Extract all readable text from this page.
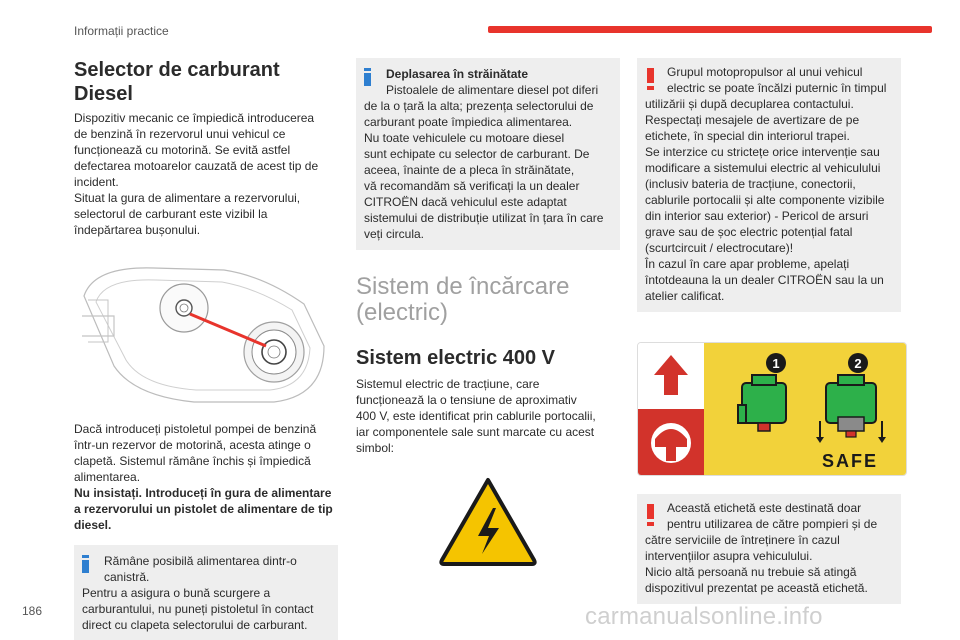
Informații practice
Selector de carburant Diesel
Dispozitiv mecanic ce împiedică introducerea
de benzină în rezervorul unui vehicul ce
funcționează cu motorină. Se evită astfel
defectarea motoarelor cauzată de acest tip de
incident.
Situat la gura de alimentare a rezervorului,
selectorul de carburant este vizibil la
îndepărtarea bușonului.
Dacă introduceți pistoletul pompei de benzină
într-un rezervor de motorină, acesta atinge o
clapetă. Sistemul rămâne închis și împiedică
alimentarea.
Nu insistați. Introduceți în gura de alimentare
a rezervorului un pistolet de alimentare de tip
diesel.
Rămâne posibilă alimentarea dintr-o
canistră.
Pentru a asigura o bună scurgere a
carburantului, nu puneți pistoletul în contact
direct cu clapeta selectorului de carburant.
Deplasarea în străinătate
Pistoalele de alimentare diesel pot diferi
de la o țară la alta; prezența selectorului de
carburant poate împiedica alimentarea.
Nu toate vehiculele cu motoare diesel
sunt echipate cu selector de carburant. De
aceea, înainte de a pleca în străinătate,
vă recomandăm să verificați la un dealer
CITROËN dacă vehiculul este adaptat
sistemului de distribuție utilizat în țara în care
veți circula.
Sistem de încărcare
(electric)
Sistem electric 400 V
Sistemul electric de tracțiune, care
funcționează la o tensiune de aproximativ
400 V, este identificat prin cablurile portocalii,
iar componentele sale sunt marcate cu acest
simbol:
Grupul motopropulsor al unui vehicul
electric se poate încălzi puternic în timpul
utilizării și după decuplarea contactului.
Respectați mesajele de avertizare de pe
etichete, în special din interiorul trapei.
Se interzice cu strictețe orice intervenție sau
modificare a sistemului electric al vehiculului
(inclusiv bateria de tracțiune, conectorii,
cablurile portocalii și alte componente vizibile
din interior sau exterior) - Pericol de arsuri
grave sau de șoc electric potențial fatal
(scurtcircuit / electrocutare)!
În cazul în care apar probleme, apelați
întotdeauna la un dealer CITROËN sau la un
atelier calificat.
1	2
SAFE
Această etichetă este destinată doar
pentru utilizarea de către pompieri și de
către serviciile de întreținere în cazul
intervențiilor asupra vehiculului.
Nicio altă persoană nu trebuie să atingă
dispozitivul prezentat pe această etichetă.
186	carmanualsonline.info
